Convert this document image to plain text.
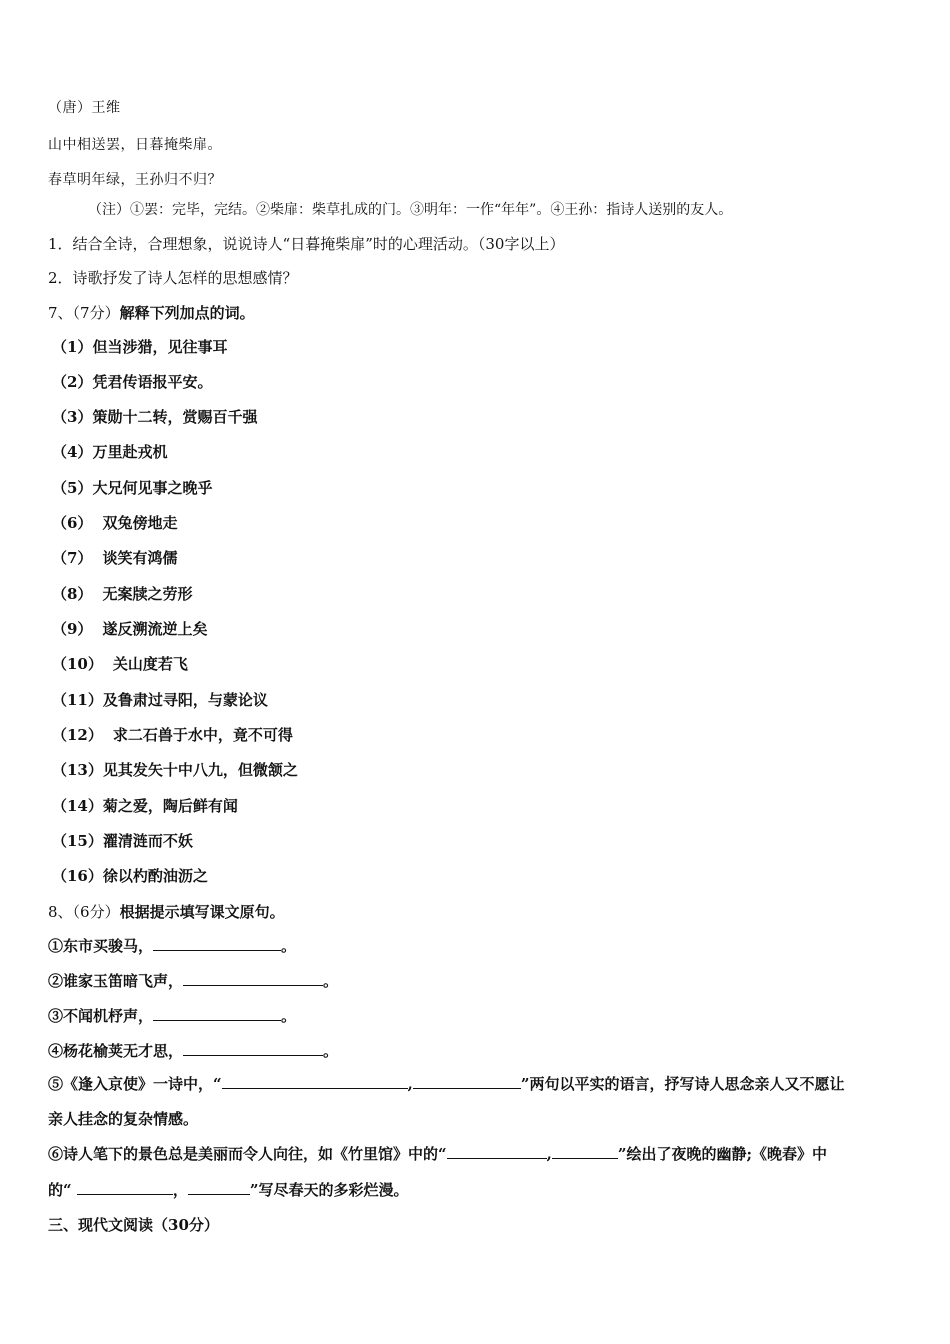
（唐）王维
山中相送罢，日暮掩柴扉。
春草明年绿，王孙归不归？
（注）①罢：完毕，完结。②柴扉：柴草扎成的门。③明年：一作“年年”。④王孙：指诗人送别的友人。
1．结合全诗，合理想象，说说诗人“日暮掩柴扉”时的心理活动。（30字以上）
2．诗歌抒发了诗人怎样的思想感情？
7、（7分）解释下列加点的词。
（1）但当涉猎，见往事耳
（2）凭君传语报平安。
（3）策勋十二转，赏赐百千强
（4）万里赴戎机
（5）大兄何见事之晚乎
（6） 双兔傍地走
（7） 谈笑有鸿儒
（8） 无案牍之劳形
（9） 遂反溯流逆上矣
（10） 关山度若飞
（11）及鲁肃过寻阳，与蒙论议
（12） 求二石兽于水中，竟不可得
（13）见其发矢十中八九，但微颔之
（14）菊之爱，陶后鲜有闻
（15）濯清涟而不妖
（16）徐以杓酌油沥之
8、（6分）根据提示填写课文原句。
①东市买骏马，	。
②谁家玉笛暗飞声，	。
③不闻机杼声，	。
④杨花榆荚无才思，	。
⑤《逢入京使》一诗中，“	,	”两句以平实的语言，抒写诗人思念亲人又不愿让
亲人挂念的复杂情感。
⑥诗人笔下的景色总是美丽而令人向往，如《竹里馆》中的“	,	”绘出了夜晚的幽静;《晚春》中
的“	，	”写尽春天的多彩烂漫。
三、现代文阅读（30分）
